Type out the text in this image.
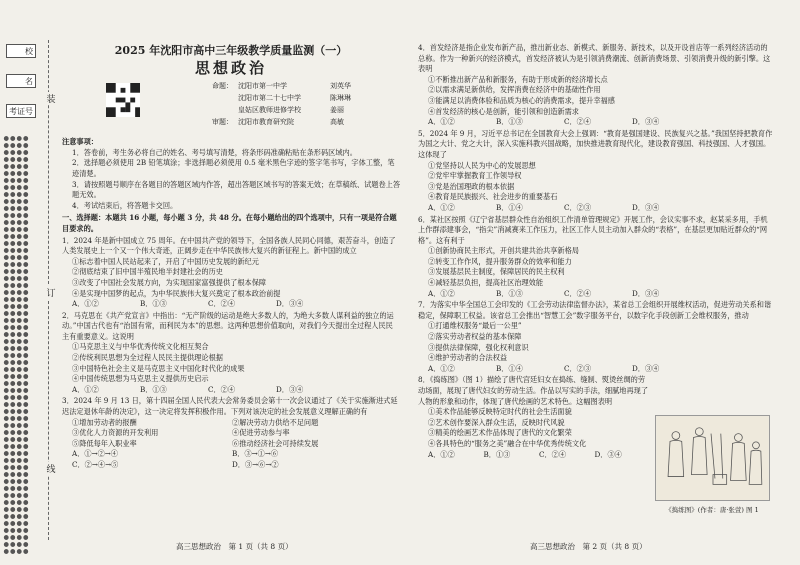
校
名
考证号
装
订
线
2025 年沈阳市高中三年级教学质量监测（一）
思想政治
命题： 沈阳市第一中学	刘英华
沈阳市第二十七中学	陈琳琳
皇姑区教师进修学校	姜丽
审题： 沈阳市教育研究院	高敏
注意事项：

1．答卷前，考生务必将自己的姓名、考号填写清楚，将条形码准确粘贴在条形码区域内。

2．选择题必须使用 2B 铅笔填涂；非选择题必须使用 0.5 毫米黑色字迹的签字笔书写，字体工整，笔迹清楚。

3．请按照题号顺序在各题目的答题区域内作答，超出答题区域书写的答案无效；在草稿纸、试题卷上答题无效。

4．考试结束后，将答题卡交回。

一、选择题：本题共 16 小题，每小题 3 分，共 48 分。在每小题给出的四个选项中，只有一项是符合题目要求的。

1．2024 年是新中国成立 75 周年。在中国共产党的领导下，全国各族人民同心同德，艰苦奋斗，创造了人类发展史上一个又一个伟大奇迹，正阔步走在中华民族伟大复兴的新征程上。新中国的成立

①标志着中国人民站起来了，开启了中国历史发展的新纪元

②彻底结束了旧中国半殖民地半封建社会的历史

③改变了中国社会发展方向，为实现国家富强提供了根本保障

④是实现中国梦的起点，为中华民族伟大复兴奠定了根本政治前提

A．①②	B．①③	C．②④	D．③④

2．马克思在《共产党宣言》中指出：“无产阶级的运动是绝大多数人的，为绝大多数人谋利益的独立的运动。”中国古代也有“治国有常，而利民为本”的思想。这两种思想价值取向，对我们今天提出全过程人民民主有重要意义。这说明

①马克思主义与中华优秀传统文化相互契合

②传统利民思想为全过程人民民主提供理论根据

③中国特色社会主义是马克思主义中国化时代化的成果

④中国传统思想为马克思主义提供历史启示

A．①②	B．①③	C．②④	D．③④

3．2024 年 9 月 13 日，第十四届全国人民代表大会常务委员会第十一次会议通过了《关于实施渐进式延迟法定退休年龄的决定》，这一决定将发挥积极作用。下列对该决定的社会发展意义理解正确的有

①增加劳动者的报酬	②解决劳动力供给不足问题
③优化人力资源的开发利用	④促进劳动参与率
⑤降低每年入职业率	⑥推动经济社会可持续发展
A．①→②→④	B．③→①→⑥
C．②→④→⑤	D．③→⑥→②
高三思想政治　第 1 页（共 8 页）

4．首发经济是指企业发布新产品，推出新业态、新模式、新服务、新技术，以及开设首店等一系列经济活动的总称。作为一种新兴的经济模式，首发经济被认为是引领消费潮流、创新消费场景、引领消费升级的新引擎。这表明

①不断推出新产品和新服务，有助于形成新的经济增长点

②以需求满足新供给，发挥消费在经济中的基础性作用

③能满足以消费体验和品质为核心的消费需求，提升幸福感

④首发经济的核心是创新，能引领和创造新需求

A．①②	B．①③	C．②④	D．③④

5．2024 年 9 月，习近平总书记在全国教育大会上强调：“教育是强国建设、民族复兴之基。”我国坚持把教育作为国之大计、党之大计，深入实施科教兴国战略，加快推进教育现代化，建设教育强国、科技强国、人才强国。这体现了

①党坚持以人民为中心的发展思想

②党牢牢掌握教育工作领导权

③党是治国理政的根本依据

④教育是民族振兴、社会进步的重要基石

A．①②	B．①④	C．②③	D．③④

6．某社区按照《辽宁省基层群众性自治组织工作清单管理规定》开展工作，会议实事不求，赵某采多用，手机上作群添建事会，“指尖”消减赛来工作压力，社区工作人员主动加入群众的“表格”，在基层更加贴近群众的“网格”。这有利于

①创新协商民主形式，开创共建共治共享新格局

②转变工作作风，提升服务群众的效率和能力

③发展基层民主制度，保障居民的民主权利

④减轻基层负担，提高社区治理效能

A．①②	B．①③	C．②④	D．③④

7．为落实中华全国总工会印发的《工会劳动法律监督办法》，某省总工会组织开展维权活动，促进劳动关系和谐稳定，保障职工权益。该省总工会推出“智慧工会”数字服务平台，以数字化手段创新工会维权服务，推动

①打通维权服务“最后一公里”

②落实劳动者权益的基本保障

③提供法律保障，强化权利意识

④维护劳动者的合法权益

A．①②	B．①④	C．②③	D．③④

8．《捣练图》（图 1）描绘了唐代宫廷妇女在捣练、缝制、熨烫丝绸的劳动场面，展现了唐代妇女的劳动生活。作品以写实的手法，细腻地再现了人物的形象和动作，体现了唐代绘画的艺术特色。这幅图表明

①美术作品能够反映特定时代的社会生活面貌

②艺术创作要深入群众生活，反映时代风貌

③精美的绘画艺术作品体现了唐代的文化繁荣

④各具特色的“服务之美”融合在中华优秀传统文化

A．①②	B．①③	C．②④	D．③④
《捣练图》(作者：唐·张萱) 图 1
高三思想政治　第 2 页（共 8 页）
